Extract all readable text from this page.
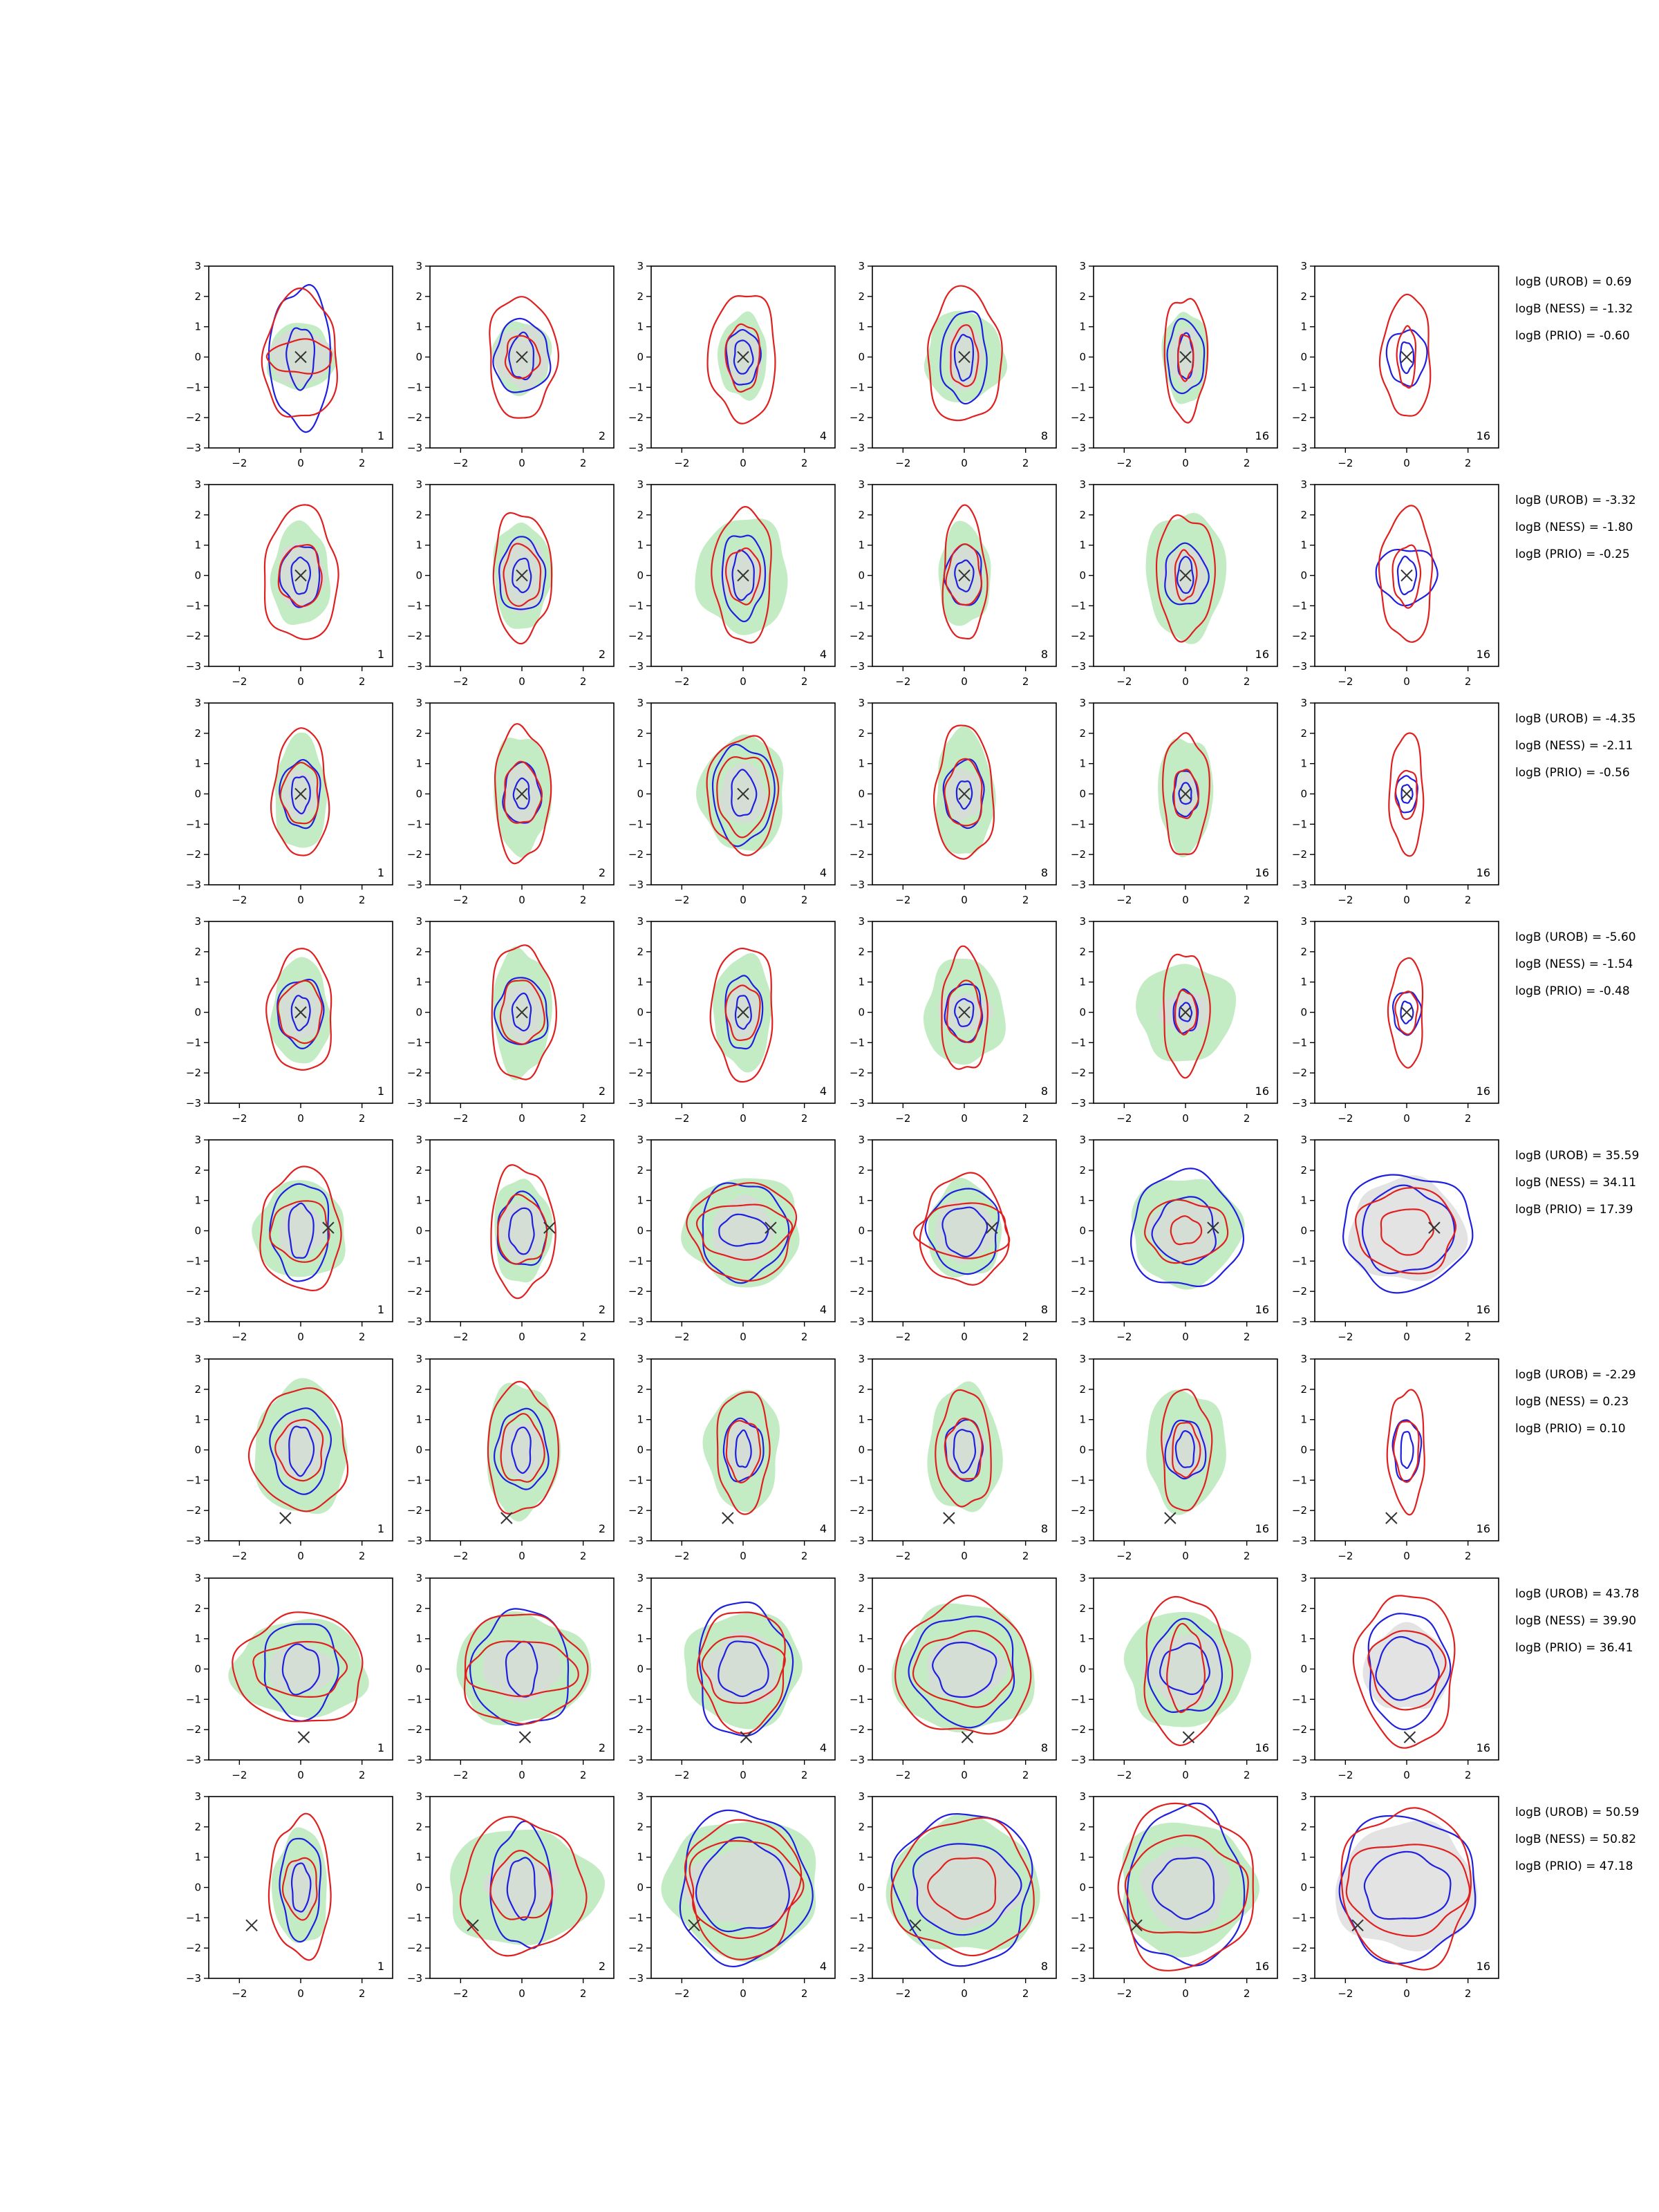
−2	0	2
3
2
1
0
−1
−2
−3
1
−2	0	2
3
2
1
0
−1
−2
−3
2
−2	0	2
3
2
1
0
−1
−2
−3
4
−2	0	2
3
2
1
0
−1
−2
−3
8
−2	0	2
3
2
1
0
−1
−2
−3
16
−2	0	2
3
2
1
0
−1
−2
−3
16
−2	0	2
3
2
1
0
−1
−2
−3
1
−2	0	2
3
2
1
0
−1
−2
−3
2
−2	0	2
3
2
1
0
−1
−2
−3
4
−2	0	2
3
2
1
0
−1
−2
−3
8
−2	0	2
3
2
1
0
−1
−2
−3
16
−2	0	2
3
2
1
0
−1
−2
−3
16
−2	0	2
3
2
1
0
−1
−2
−3
1
−2	0	2
3
2
1
0
−1
−2
−3
2
−2	0	2
3
2
1
0
−1
−2
−3
4
−2	0	2
3
2
1
0
−1
−2
−3
8
−2	0	2
3
2
1
0
−1
−2
−3
16
−2	0	2
3
2
1
0
−1
−2
−3
16
−2	0	2
3
2
1
0
−1
−2
−3
1
−2	0	2
3
2
1
0
−1
−2
−3
2
−2	0	2
3
2
1
0
−1
−2
−3
4
−2	0	2
3
2
1
0
−1
−2
−3
8
−2	0	2
3
2
1
0
−1
−2
−3
16
−2	0	2
3
2
1
0
−1
−2
−3
16
−2	0	2
3
2
1
0
−1
−2
−3
1
−2	0	2
3
2
1
0
−1
−2
−3
2
−2	0	2
3
2
1
0
−1
−2
−3
4
−2	0	2
3
2
1
0
−1
−2
−3
8
−2	0	2
3
2
1
0
−1
−2
−3
16
−2	0	2
3
2
1
0
−1
−2
−3
16
−2	0	2
3
2
1
0
−1
−2
−3
1
−2	0	2
3
2
1
0
−1
−2
−3
2
−2	0	2
3
2
1
0
−1
−2
−3
4
−2	0	2
3
2
1
0
−1
−2
−3
8
−2	0	2
3
2
1
0
−1
−2
−3
16
−2	0	2
3
2
1
0
−1
−2
−3
16
−2	0	2
3
2
1
0
−1
−2
−3
1
−2	0	2
3
2
1
0
−1
−2
−3
2
−2	0	2
3
2
1
0
−1
−2
−3
4
−2	0	2
3
2
1
0
−1
−2
−3
8
−2	0	2
3
2
1
0
−1
−2
−3
16
−2	0	2
3
2
1
0
−1
−2
−3
16
−2	0	2
3
2
1
0
−1
−2
−3
1
−2	0	2
3
2
1
0
−1
−2
−3
2
−2	0	2
3
2
1
0
−1
−2
−3
4
−2	0	2
3
2
1
0
−1
−2
−3
8
−2	0	2
3
2
1
0
−1
−2
−3
16
−2	0	2
3
2
1
0
−1
−2
−3
16
logB (UROB) = 0.69
logB (NESS) = -1.32
logB (PRIO) = -0.60
logB (UROB) = -3.32
logB (NESS) = -1.80
logB (PRIO) = -0.25
logB (UROB) = -4.35
logB (NESS) = -2.11
logB (PRIO) = -0.56
logB (UROB) = -5.60
logB (NESS) = -1.54
logB (PRIO) = -0.48
logB (UROB) = 35.59
logB (NESS) = 34.11
logB (PRIO) = 17.39
logB (UROB) = -2.29
logB (NESS) = 0.23
logB (PRIO) = 0.10
logB (UROB) = 43.78
logB (NESS) = 39.90
logB (PRIO) = 36.41
logB (UROB) = 50.59
logB (NESS) = 50.82
logB (PRIO) = 47.18
